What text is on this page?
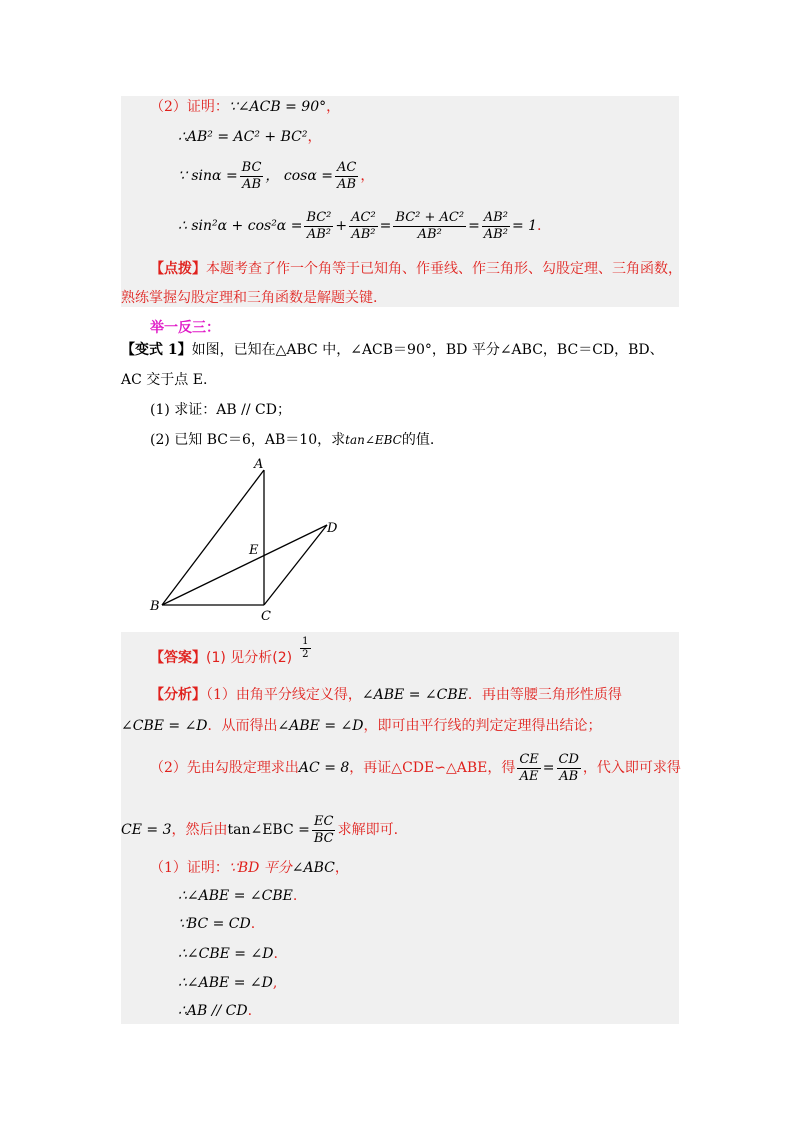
（2）证明：∵∠ACB = 90°，
∴AB² = AC² + BC²，
∵ $\sin\alpha = \frac{BC}{AB}$ ， $\cos\alpha = \frac{AC}{AB}$ ，
∴ $\sin^2\alpha + \cos^2\alpha = \frac{\text{BC²}}{\text{AB²}} + \frac{\text{AC²}}{\text{AB²}} = \frac{\text{BC² + AC²}}{\text{AB²}} = \frac{\text{AB²}}{\text{AB²}} = 1$ .
【点拨】本题考查了作一个角等于已知角、作垂线、作三角形、勾股定理、三角函数，
熟练掌握勾股定理和三角函数是解题关键.
举一反三：
【变式 1】如图，已知在△ABC 中，∠ACB＝90°，BD 平分∠ABC，BC＝CD，BD、
AC 交于点 E.
(1) 求证：AB // CD；
(2) 已知 BC＝6，AB＝10，求tan∠EBC的值.
A
B
C
D
E
【答案】 (1) 见分析$(2) \frac{1}{2}$
【分析】（1）由角平分线定义得，∠ABE = ∠CBE．再由等腰三角形性质得
∠CBE = ∠D．从而得出∠ABE = ∠D，即可由平行线的判定定理得出结论；
（2）先由勾股定理求出 AC = 8 ，再证△CDE∽△ABE，得 $\frac{CE}{AE} = \frac{CD}{AB}$ ，代入即可求得
CE = 3 ，然后由 tan∠EBC = $\frac{EC}{BC}$ 求解即可.
（1）证明：∵BD 平分∠ABC，
∴∠ABE = ∠CBE.
∵BC = CD.
∴∠CBE = ∠D.
∴∠ABE = ∠D,
∴AB // CD.
